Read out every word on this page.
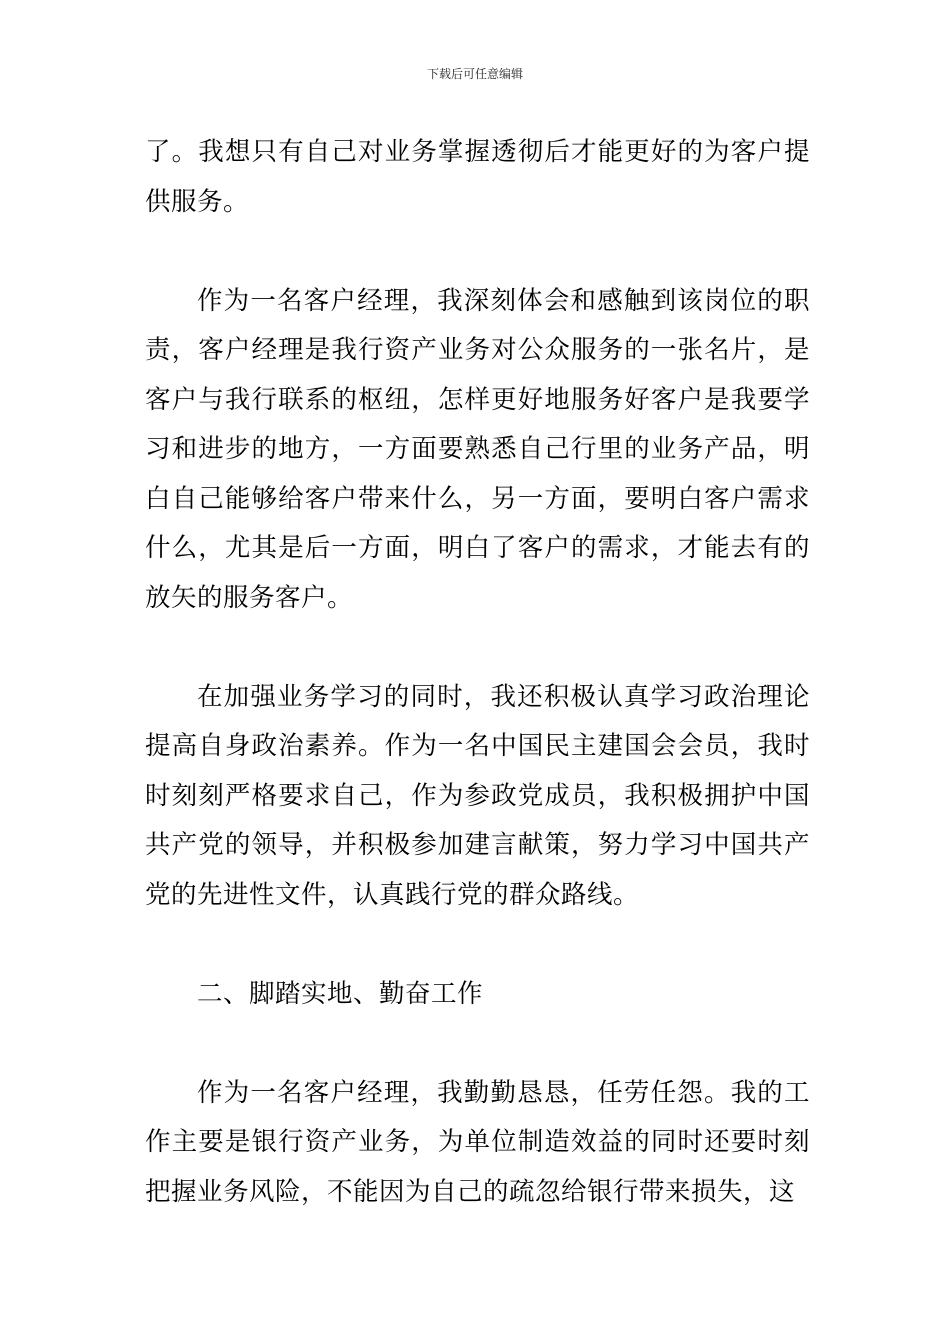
下载后可任意编辑

了。我想只有自己对业务掌握透彻后才能更好的为客户提供服务。

作为一名客户经理，我深刻体会和感触到该岗位的职责，客户经理是我行资产业务对公众服务的一张名片，是客户与我行联系的枢纽，怎样更好地服务好客户是我要学习和进步的地方，一方面要熟悉自己行里的业务产品，明白自己能够给客户带来什么，另一方面，要明白客户需求什么，尤其是后一方面，明白了客户的需求，才能去有的放矢的服务客户。

在加强业务学习的同时，我还积极认真学习政治理论提高自身政治素养。作为一名中国民主建国会会员，我时时刻刻严格要求自己，作为参政党成员，我积极拥护中国共产党的领导，并积极参加建言献策，努力学习中国共产党的先进性文件，认真践行党的群众路线。

二、脚踏实地、勤奋工作

作为一名客户经理，我勤勤恳恳，任劳任怨。我的工作主要是银行资产业务，为单位制造效益的同时还要时刻把握业务风险，不能因为自己的疏忽给银行带来损失，这
